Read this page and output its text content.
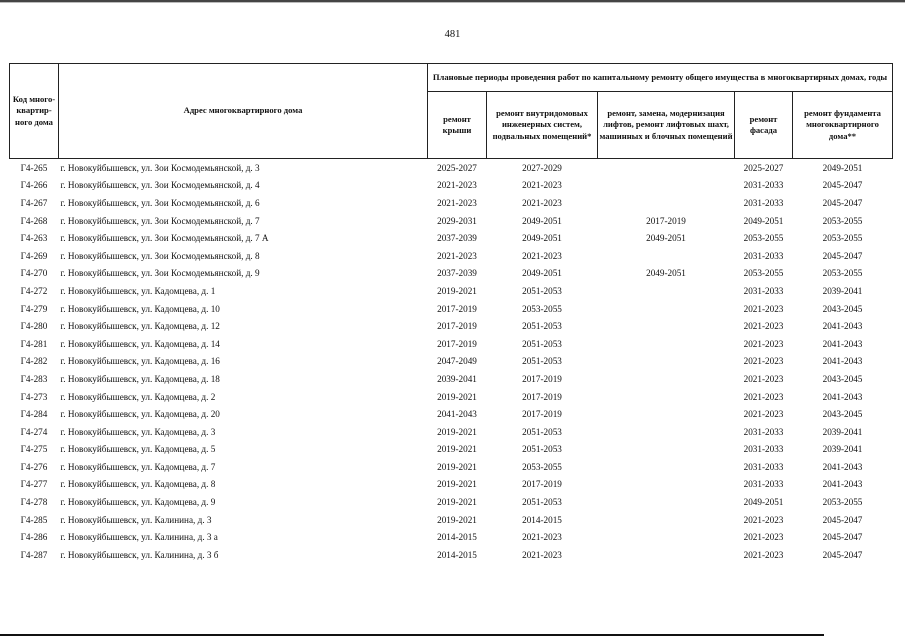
481
Код много-квартир-ного дома	Адрес многоквартирного дома	Плановые периоды проведения работ по капитальному ремонту общего имущества в многоквартирных домах, годы				
		ремонт крыши	ремонт внутридомовых инженерных систем, подвальных помещений*	ремонт, замена, модернизация лифтов, ремонт лифтовых шахт, машинных и блочных помещений	ремонт фасада	ремонт фундамента многоквартирного дома**
Г4-265	г. Новокуйбышевск, ул. Зои Космодемьянской, д. 3	2025-2027	2027-2029		2025-2027	2049-2051
Г4-266	г. Новокуйбышевск, ул. Зои Космодемьянской, д. 4	2021-2023	2021-2023		2031-2033	2045-2047
Г4-267	г. Новокуйбышевск, ул. Зои Космодемьянской, д. 6	2021-2023	2021-2023		2031-2033	2045-2047
Г4-268	г. Новокуйбышевск, ул. Зои Космодемьянской, д. 7	2029-2031	2049-2051	2017-2019	2049-2051	2053-2055
Г4-263	г. Новокуйбышевск, ул. Зои Космодемьянской, д. 7 А	2037-2039	2049-2051	2049-2051	2053-2055	2053-2055
Г4-269	г. Новокуйбышевск, ул. Зои Космодемьянской, д. 8	2021-2023	2021-2023		2031-2033	2045-2047
Г4-270	г. Новокуйбышевск, ул. Зои Космодемьянской, д. 9	2037-2039	2049-2051	2049-2051	2053-2055	2053-2055
Г4-272	г. Новокуйбышевск, ул. Кадомцева, д. 1	2019-2021	2051-2053		2031-2033	2039-2041
Г4-279	г. Новокуйбышевск, ул. Кадомцева, д. 10	2017-2019	2053-2055		2021-2023	2043-2045
Г4-280	г. Новокуйбышевск, ул. Кадомцева, д. 12	2017-2019	2051-2053		2021-2023	2041-2043
Г4-281	г. Новокуйбышевск, ул. Кадомцева, д. 14	2017-2019	2051-2053		2021-2023	2041-2043
Г4-282	г. Новокуйбышевск, ул. Кадомцева, д. 16	2047-2049	2051-2053		2021-2023	2041-2043
Г4-283	г. Новокуйбышевск, ул. Кадомцева, д. 18	2039-2041	2017-2019		2021-2023	2043-2045
Г4-273	г. Новокуйбышевск, ул. Кадомцева, д. 2	2019-2021	2017-2019		2021-2023	2041-2043
Г4-284	г. Новокуйбышевск, ул. Кадомцева, д. 20	2041-2043	2017-2019		2021-2023	2043-2045
Г4-274	г. Новокуйбышевск, ул. Кадомцева, д. 3	2019-2021	2051-2053		2031-2033	2039-2041
Г4-275	г. Новокуйбышевск, ул. Кадомцева, д. 5	2019-2021	2051-2053		2031-2033	2039-2041
Г4-276	г. Новокуйбышевск, ул. Кадомцева, д. 7	2019-2021	2053-2055		2031-2033	2041-2043
Г4-277	г. Новокуйбышевск, ул. Кадомцева, д. 8	2019-2021	2017-2019		2031-2033	2041-2043
Г4-278	г. Новокуйбышевск, ул. Кадомцева, д. 9	2019-2021	2051-2053		2049-2051	2053-2055
Г4-285	г. Новокуйбышевск, ул. Калинина, д. 3	2019-2021	2014-2015		2021-2023	2045-2047
Г4-286	г. Новокуйбышевск, ул. Калинина, д. 3 а	2014-2015	2021-2023		2021-2023	2045-2047
Г4-287	г. Новокуйбышевск, ул. Калинина, д. 3 б	2014-2015	2021-2023		2021-2023	2045-2047
